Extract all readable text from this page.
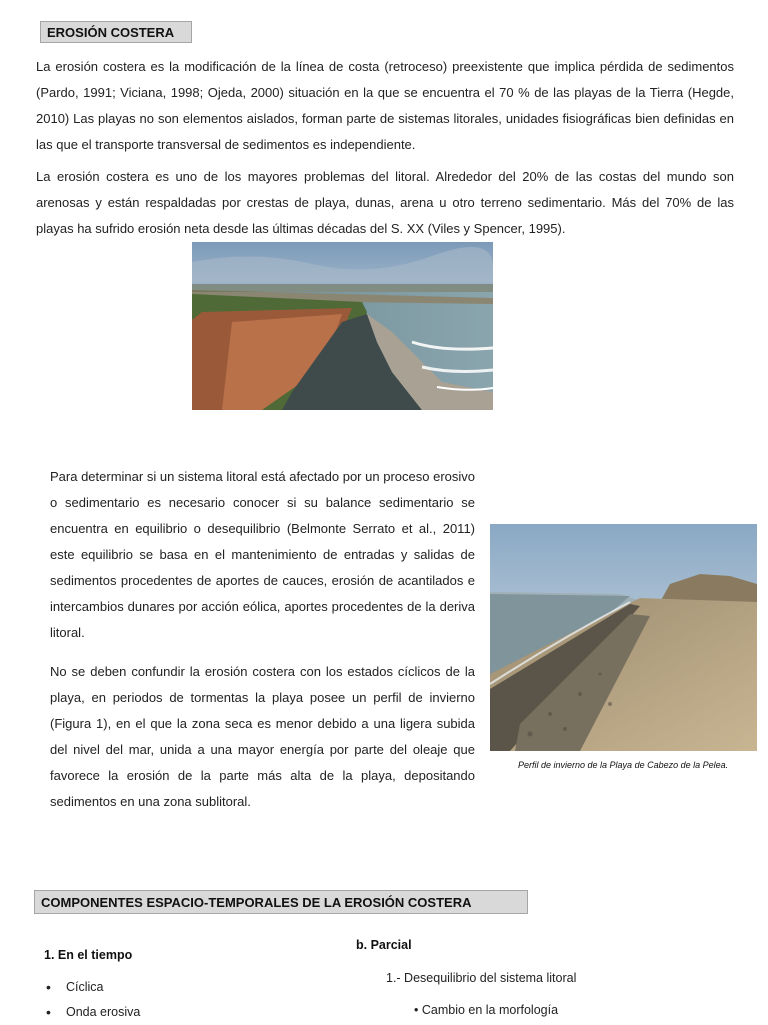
EROSIÓN COSTERA

La erosión costera es la modificación de la línea de costa (retroceso) preexistente que implica pérdida de sedimentos (Pardo, 1991; Viciana, 1998; Ojeda, 2000) situación en la que se encuentra el 70 % de las playas de la Tierra (Hegde, 2010) Las playas no son elementos aislados, forman parte de sistemas litorales, unidades fisiográficas bien definidas en las que el transporte transversal de sedimentos es independiente.

La erosión costera es uno de los mayores problemas del litoral. Alrededor del 20% de las costas del mundo son arenosas y están respaldadas por crestas de playa, dunas, arena u otro terreno sedimentario. Más del 70% de las playas ha sufrido erosión neta desde las últimas décadas del S. XX (Viles y Spencer, 1995).

Para determinar si un sistema litoral está afectado por un proceso erosivo o sedimentario es necesario conocer si su balance sedimentario se encuentra en equilibrio o desequilibrio (Belmonte Serrato et al., 2011) este equilibrio se basa en el mantenimiento de entradas y salidas de sedimentos procedentes de aportes de cauces, erosión de acantilados e intercambios dunares por acción eólica, aportes procedentes de la deriva litoral.

No se deben confundir la erosión costera con los estados cíclicos de la playa, en periodos de tormentas la playa posee un perfil de invierno (Figura 1), en el que la zona seca es menor debido a una ligera subida del nivel del mar, unida a una mayor energía por parte del oleaje que favorece la erosión de la parte más alta de la playa, depositando sedimentos en una zona sublitoral.

Perfil de invierno de la Playa de Cabezo de la Pelea.
COMPONENTES ESPACIO-TEMPORALES DE LA EROSIÓN COSTERA
1. En el tiempo
• Cíclica
• Onda erosiva
b. Parcial
1.- Desequilibrio del sistema litoral
• Cambio en la morfología
